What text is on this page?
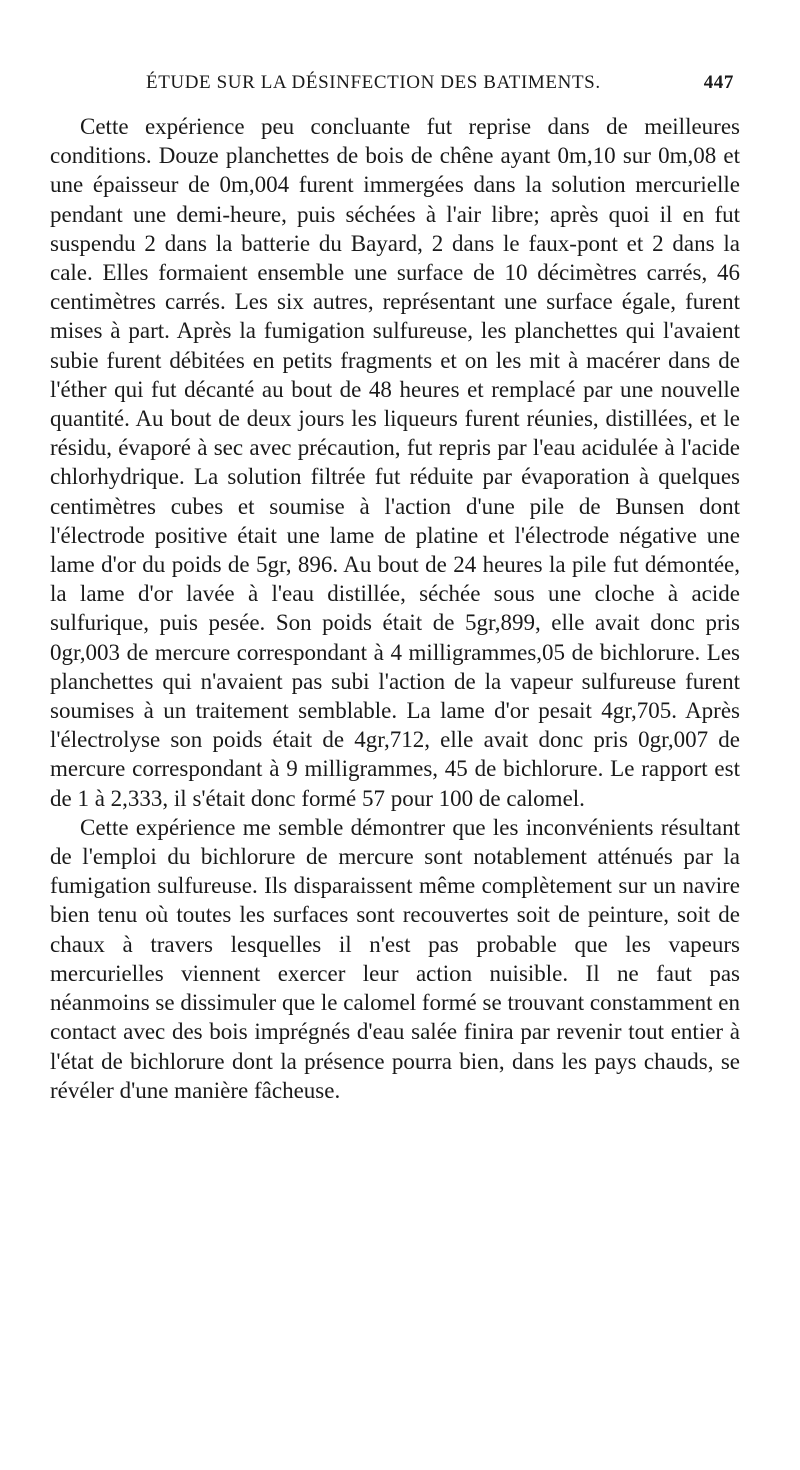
ÉTUDE SUR LA DÉSINFECTION DES BATIMENTS.	447

Cette expérience peu concluante fut reprise dans de meilleures conditions. Douze planchettes de bois de chêne ayant 0m,10 sur 0m,08 et une épaisseur de 0m,004 furent immergées dans la solution mercurielle pendant une demi-heure, puis séchées à l'air libre; après quoi il en fut suspendu 2 dans la batterie du Bayard, 2 dans le faux-pont et 2 dans la cale. Elles formaient ensemble une surface de 10 décimètres carrés, 46 centimètres carrés. Les six autres, représentant une surface égale, furent mises à part. Après la fumigation sulfureuse, les planchettes qui l'avaient subie furent débitées en petits fragments et on les mit à macérer dans de l'éther qui fut décanté au bout de 48 heures et remplacé par une nouvelle quantité. Au bout de deux jours les liqueurs furent réunies, distillées, et le résidu, évaporé à sec avec précaution, fut repris par l'eau acidulée à l'acide chlorhydrique. La solution filtrée fut réduite par évaporation à quelques centimètres cubes et soumise à l'action d'une pile de Bunsen dont l'électrode positive était une lame de platine et l'électrode négative une lame d'or du poids de 5gr, 896. Au bout de 24 heures la pile fut démontée, la lame d'or lavée à l'eau distillée, séchée sous une cloche à acide sulfurique, puis pesée. Son poids était de 5gr,899, elle avait donc pris 0gr,003 de mercure correspondant à 4 milligrammes,05 de bichlorure. Les planchettes qui n'avaient pas subi l'action de la vapeur sulfureuse furent soumises à un traitement semblable. La lame d'or pesait 4gr,705. Après l'électrolyse son poids était de 4gr,712, elle avait donc pris 0gr,007 de mercure correspondant à 9 milligrammes, 45 de bichlorure. Le rapport est de 1 à 2,333, il s'était donc formé 57 pour 100 de calomel.

Cette expérience me semble démontrer que les inconvénients résultant de l'emploi du bichlorure de mercure sont notablement atténués par la fumigation sulfureuse. Ils disparaissent même complètement sur un navire bien tenu où toutes les surfaces sont recouvertes soit de peinture, soit de chaux à travers lesquelles il n'est pas probable que les vapeurs mercurielles viennent exercer leur action nuisible. Il ne faut pas néanmoins se dissimuler que le calomel formé se trouvant constamment en contact avec des bois imprégnés d'eau salée finira par revenir tout entier à l'état de bichlorure dont la présence pourra bien, dans les pays chauds, se révéler d'une manière fâcheuse.
